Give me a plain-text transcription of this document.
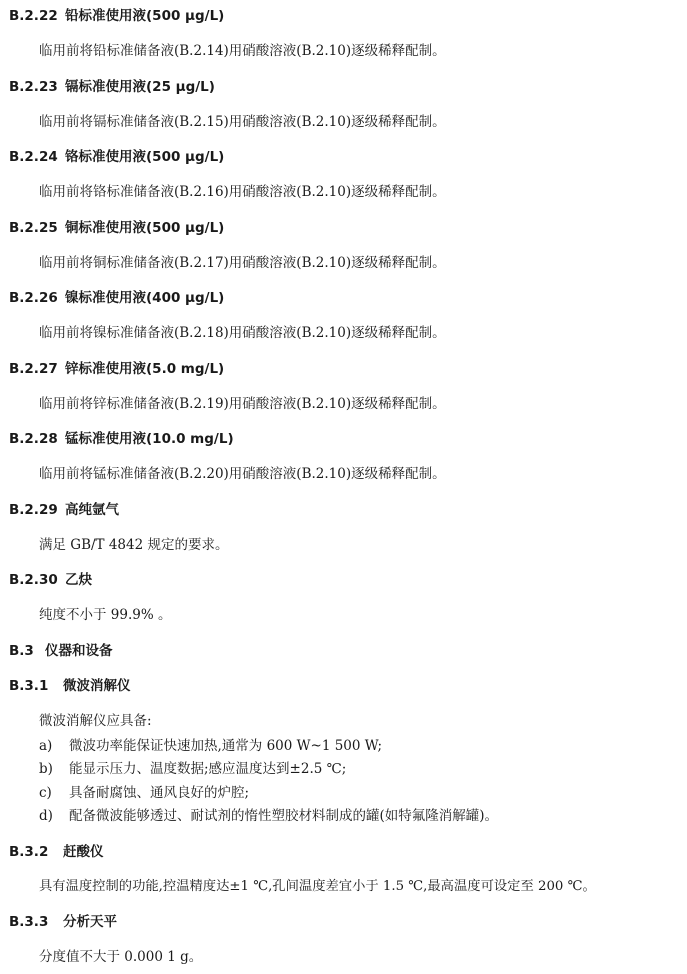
B.2.22 铅标准使用液(500 μg/L)
临用前将铅标准储备液(B.2.14)用硝酸溶液(B.2.10)逐级稀释配制。
B.2.23 镉标准使用液(25 μg/L)
临用前将镉标准储备液(B.2.15)用硝酸溶液(B.2.10)逐级稀释配制。
B.2.24 铬标准使用液(500 μg/L)
临用前将铬标准储备液(B.2.16)用硝酸溶液(B.2.10)逐级稀释配制。
B.2.25 铜标准使用液(500 μg/L)
临用前将铜标准储备液(B.2.17)用硝酸溶液(B.2.10)逐级稀释配制。
B.2.26 镍标准使用液(400 μg/L)
临用前将镍标准储备液(B.2.18)用硝酸溶液(B.2.10)逐级稀释配制。
B.2.27 锌标准使用液(5.0 mg/L)
临用前将锌标准储备液(B.2.19)用硝酸溶液(B.2.10)逐级稀释配制。
B.2.28 锰标准使用液(10.0 mg/L)
临用前将锰标准储备液(B.2.20)用硝酸溶液(B.2.10)逐级稀释配制。
B.2.29 高纯氩气
满足 GB/T 4842 规定的要求。
B.2.30 乙炔
纯度不小于 99.9% 。
B.3 仪器和设备
B.3.1 微波消解仪
微波消解仪应具备:
a) 微波功率能保证快速加热,通常为 600 W~1 500 W;
b) 能显示压力、温度数据;感应温度达到±2.5 ℃;
c) 具备耐腐蚀、通风良好的炉腔;
d) 配备微波能够透过、耐试剂的惰性塑胶材料制成的罐(如特氟隆消解罐)。
B.3.2 赶酸仪
具有温度控制的功能,控温精度达±1 ℃,孔间温度差宜小于 1.5 ℃,最高温度可设定至 200 ℃。
B.3.3 分析天平
分度值不大于 0.000 1 g。
